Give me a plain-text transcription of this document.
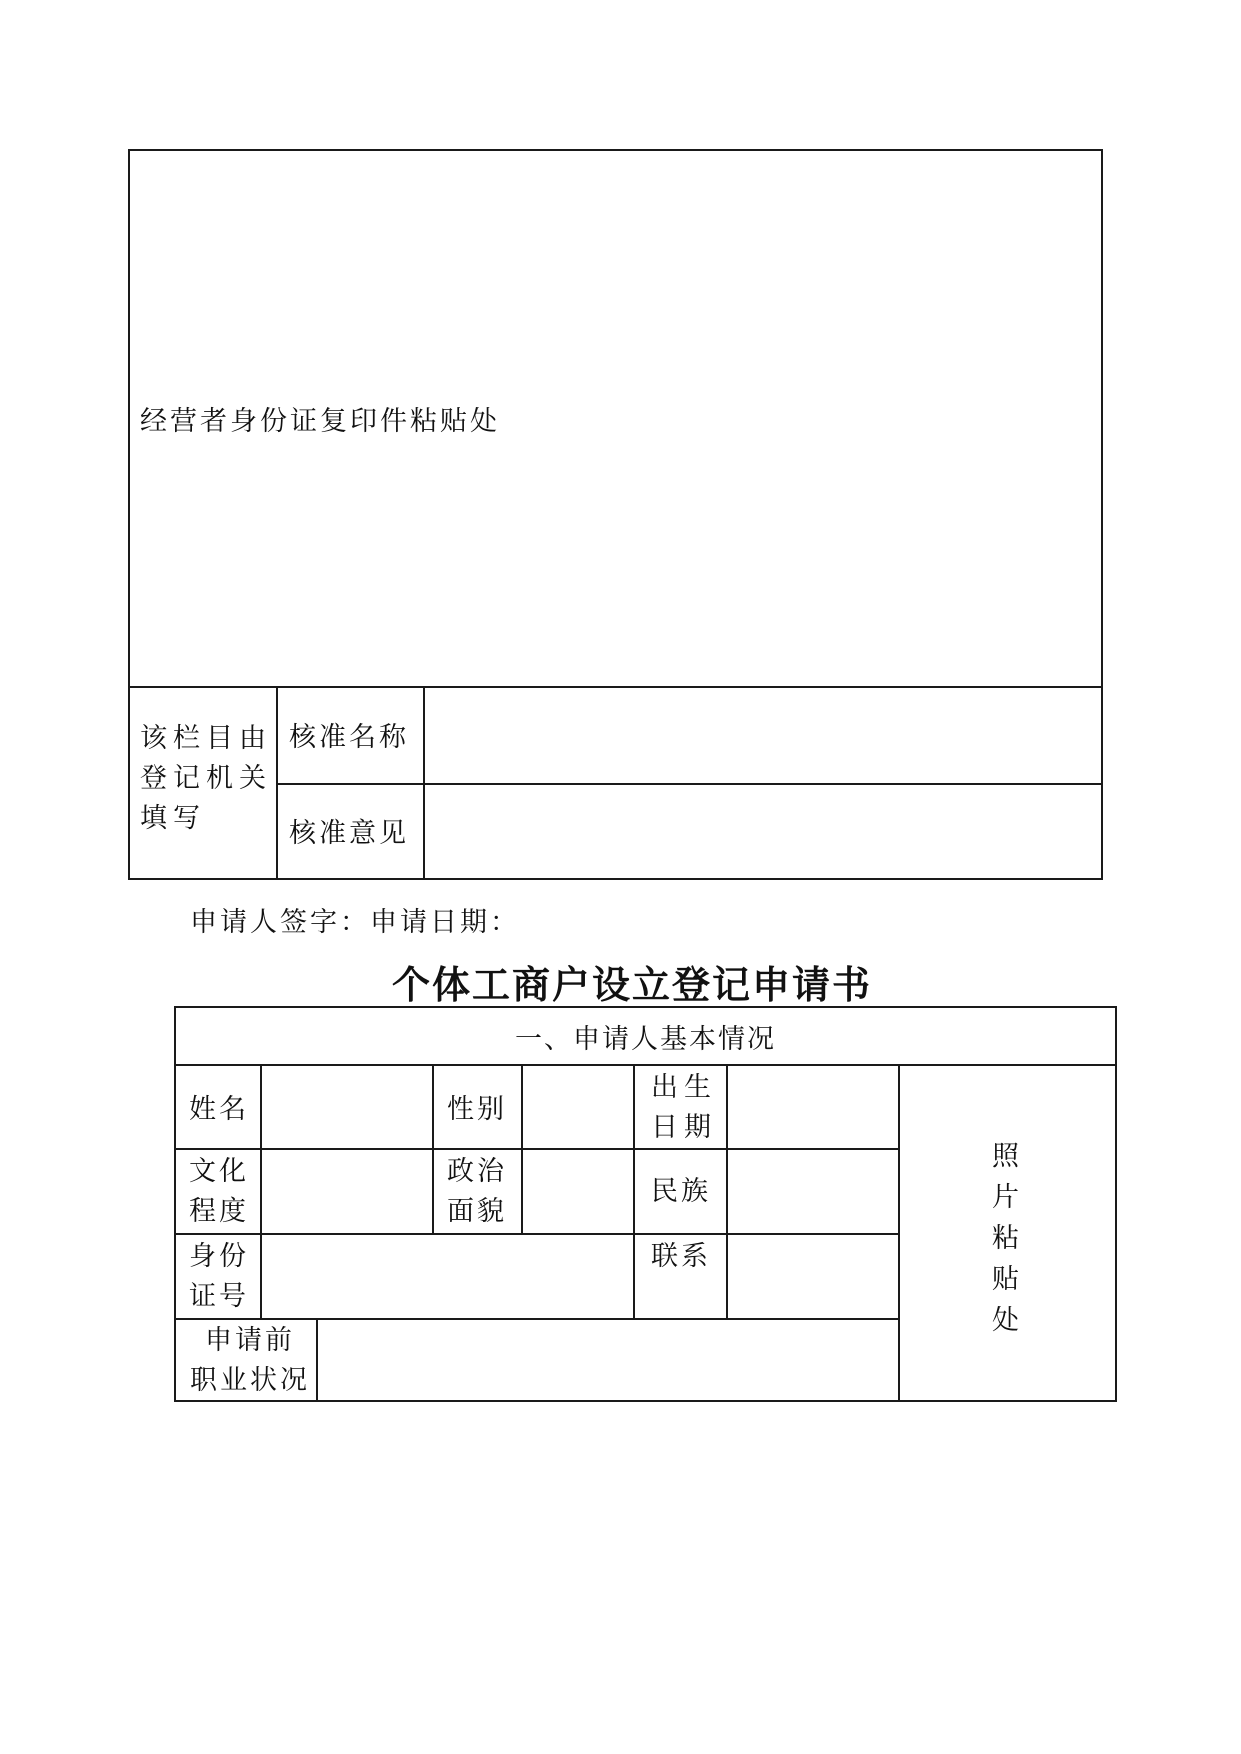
经营者身份证复印件粘贴处
该栏目由
登记机关
填写
核准名称
核准意见
申请人签字：申请日期：
个体工商户设立登记申请书
一、申请人基本情况
姓名	性别
出生
日期
文化
程度
政治
面貌
民族
身份
证号
联系
申请前
职业状况
照
片
粘
贴
处
